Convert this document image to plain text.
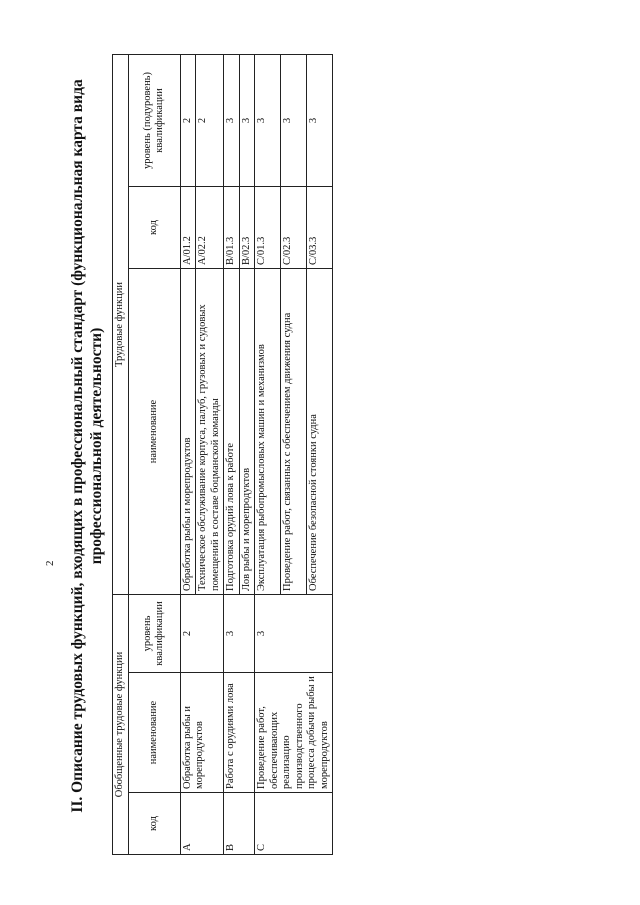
2 II. Описание трудовых функций, входящих в профессиональный стандарт (функциональная карта вида профессиональной деятельности)
Обобщенные трудовые функции			Трудовые функции		
код	наименование	уровень квалификации	наименование	код	уровень (подуровень) квалификации
A	Обработка рыбы и морепродуктов	2	Обработка рыбы и морепродуктов	A/01.2	2
			Техническое обслуживание корпуса, палуб, грузовых и судовых помещений в составе боцманской команды	A/02.2	2
B	Работа с орудиями лова	3	Подготовка орудий лова к работе	B/01.3	3
			Лов рыбы и морепродуктов	B/02.3	3
C	Проведение работ, обеспечивающих реализацию производственного процесса добычи рыбы и морепродуктов	3	Эксплуатация рыбопромысловых машин и механизмов	C/01.3	3
			Проведение работ, связанных с обеспечением движения судна	C/02.3	3
			Обеспечение безопасной стоянки судна	C/03.3	3
